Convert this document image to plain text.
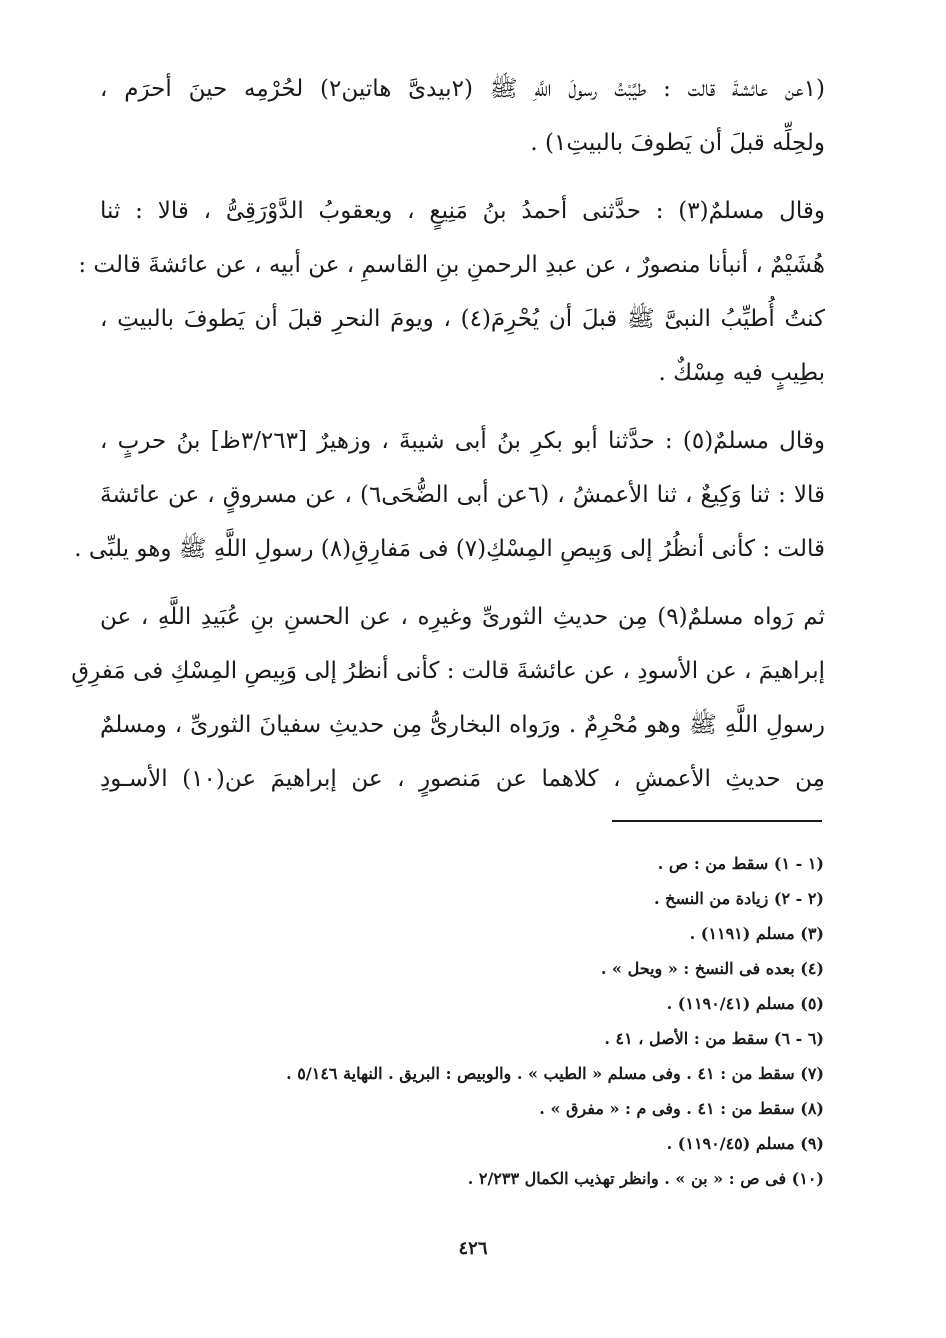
(١عن عائشةَ قالت : طيَّبْتُ رسولَ اللَّهِ ﷺ (٢بيدىَّ هاتين٢) لحُرْمِه حينَ أحرَم ،
ولحِلِّه قبلَ أن يَطوفَ بالبيتِ١) .
وقال مسلمٌ(٣) : حدَّثنى أحمدُ بنُ مَنِيعٍ ، ويعقوبُ الدَّوْرَقِىُّ ، قالا : ثنا
هُشَيْمٌ ، أنبأنا منصورٌ ، عن عبدِ الرحمنِ بنِ القاسمِ ، عن أبيه ، عن عائشةَ قالت :
كنتُ أُطيِّبُ النبىَّ ﷺ قبلَ أن يُحْرِمَ(٤) ، ويومَ النحرِ قبلَ أن يَطوفَ بالبيتِ ،
بطِيبٍ فيه مِسْكٌ .
وقال مسلمٌ(٥) : حدَّثنا أبو بكرِ بنُ أبى شيبةَ ، وزهيرٌ [٣/٢٦٣ظ] بنُ حربٍ ،
قالا : ثنا وَكِيعٌ ، ثنا الأعمشُ ، (٦عن أبى الضُّحَى٦) ، عن مسروقٍ ، عن عائشةَ
قالت : كأنى أنظُرُ إلى وَبِيصِ المِسْكِ(٧) فى مَفارِقِ(٨) رسولِ اللَّهِ ﷺ وهو يلبِّى .
ثم رَواه مسلمٌ(٩) مِن حديثِ الثورىِّ وغيرِه ، عن الحسنِ بنِ عُبَيدِ اللَّهِ ، عن
إبراهيمَ ، عن الأسودِ ، عن عائشةَ قالت : كأنى أنظرُ إلى وَبِيصِ المِسْكِ فى مَفرِقِ
رسولِ اللَّهِ ﷺ وهو مُحْرِمٌ . ورَواه البخارىُّ مِن حديثِ سفيانَ الثورىِّ ، ومسلمٌ
مِن حديثِ الأعمشِ ، كلاهما عن مَنصورٍ ، عن إبراهيمَ عن(١٠) الأسـودِ
(١ - ١) سقط من : ص .
(٢ - ٢) زيادة من النسخ .
(٣) مسلم (١١٩١) .
(٤) بعده فى النسخ : « ويحل » .
(٥) مسلم (١١٩٠/٤١) .
(٦ - ٦) سقط من : الأصل ، ٤١ .
(٧) سقط من : ٤١ . وفى مسلم « الطيب » . والوبيص : البريق . النهاية ٥/١٤٦ .
(٨) سقط من : ٤١ . وفى م : « مفرق » .
(٩) مسلم (١١٩٠/٤٥) .
(١٠) فى ص : « بن » . وانظر تهذيب الكمال ٢/٢٣٣ .
٤٢٦
